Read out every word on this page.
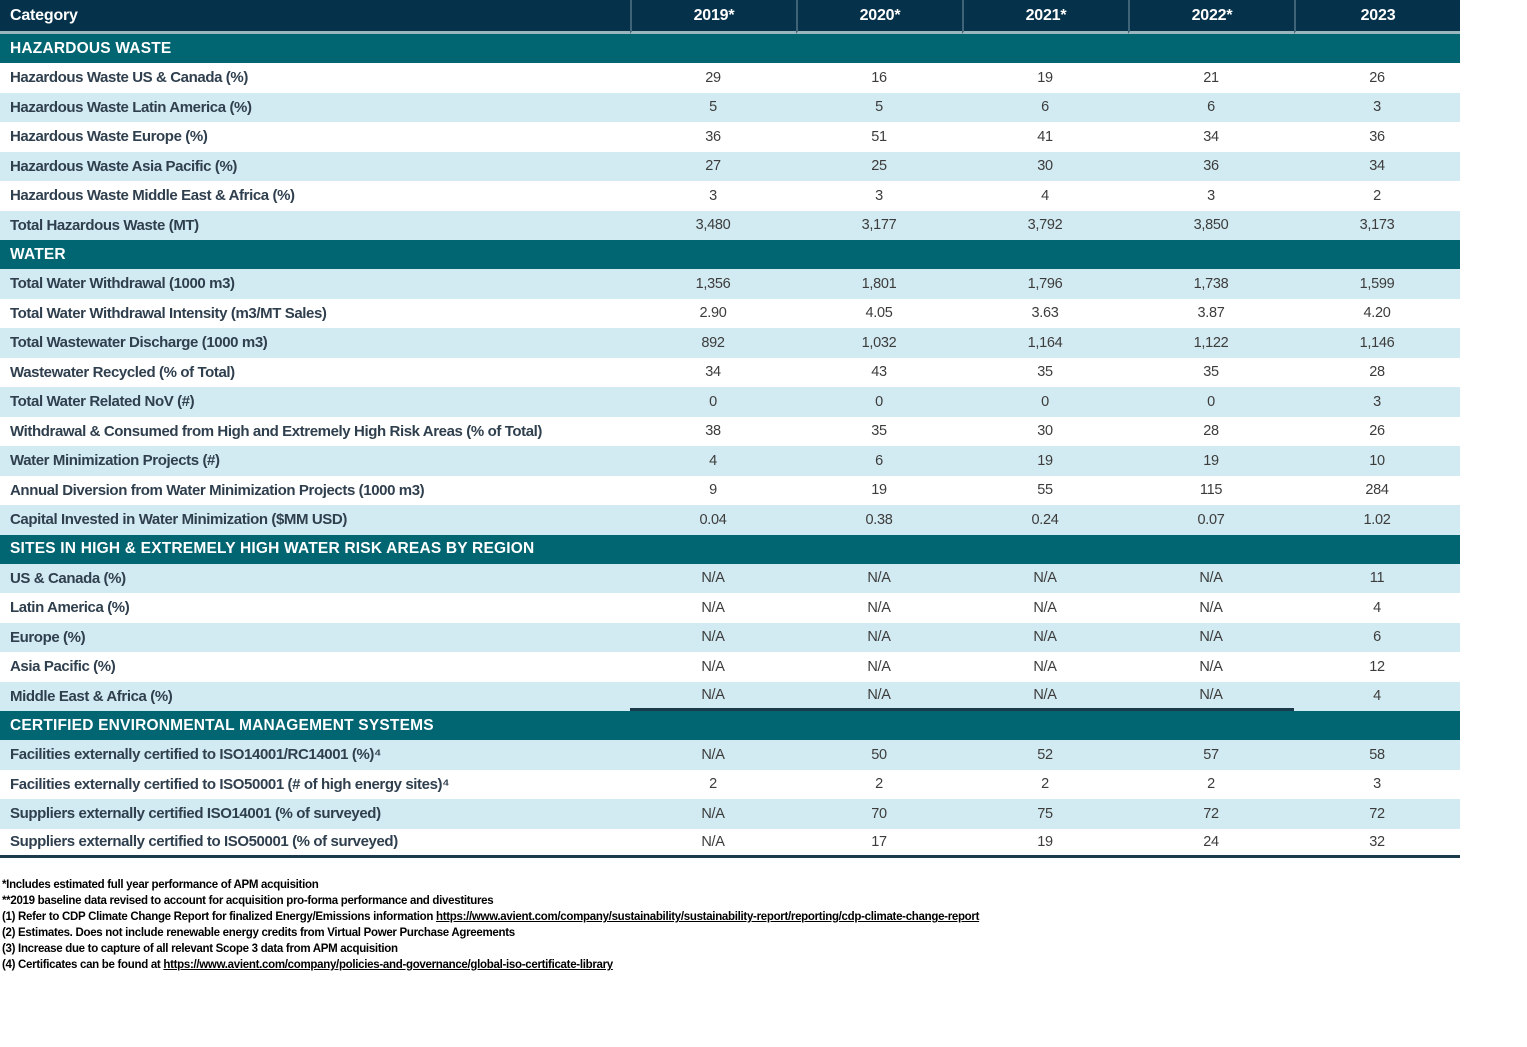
Category	2019*	2020*	2021*	2022*	2023
HAZARDOUS WASTE					
Hazardous Waste US & Canada (%)	29	16	19	21	26
Hazardous Waste Latin America (%)	5	5	6	6	3
Hazardous Waste Europe (%)	36	51	41	34	36
Hazardous Waste Asia Pacific (%)	27	25	30	36	34
Hazardous Waste Middle East & Africa (%)	3	3	4	3	2
Total Hazardous Waste (MT)	3,480	3,177	3,792	3,850	3,173
WATER					
Total Water Withdrawal (1000 m3)	1,356	1,801	1,796	1,738	1,599
Total Water Withdrawal Intensity (m3/MT Sales)	2.90	4.05	3.63	3.87	4.20
Total Wastewater Discharge (1000 m3)	892	1,032	1,164	1,122	1,146
Wastewater Recycled (% of Total)	34	43	35	35	28
Total Water Related NoV (#)	0	0	0	0	3
Withdrawal & Consumed from High and Extremely High Risk Areas (% of Total)	38	35	30	28	26
Water Minimization Projects (#)	4	6	19	19	10
Annual Diversion from Water Minimization Projects (1000 m3)	9	19	55	115	284
Capital Invested in Water Minimization ($MM USD)	0.04	0.38	0.24	0.07	1.02
SITES IN HIGH & EXTREMELY HIGH WATER RISK AREAS BY REGION					
US & Canada (%)	N/A	N/A	N/A	N/A	11
Latin America (%)	N/A	N/A	N/A	N/A	4
Europe (%)	N/A	N/A	N/A	N/A	6
Asia Pacific (%)	N/A	N/A	N/A	N/A	12
Middle East & Africa (%)	N/A	N/A	N/A	N/A	4
CERTIFIED ENVIRONMENTAL MANAGEMENT SYSTEMS					
Facilities externally certified to ISO14001/RC14001 (%)⁴	N/A	50	52	57	58
Facilities externally certified to ISO50001 (# of high energy sites)⁴	2	2	2	2	3
Suppliers externally certified ISO14001 (% of surveyed)	N/A	70	75	72	72
Suppliers externally certified to ISO50001 (% of surveyed)	N/A	17	19	24	32
*Includes estimated full year performance of APM acquisition
**2019 baseline data revised to account for acquisition pro-forma performance and divestitures
(1) Refer to CDP Climate Change Report for finalized Energy/Emissions information https://www.avient.com/company/sustainability/sustainability-report/reporting/cdp-climate-change-report
(2) Estimates. Does not include renewable energy credits from Virtual Power Purchase Agreements
(3) Increase due to capture of all relevant Scope 3 data from APM acquisition
(4) Certificates can be found at https://www.avient.com/company/policies-and-governance/global-iso-certificate-library
